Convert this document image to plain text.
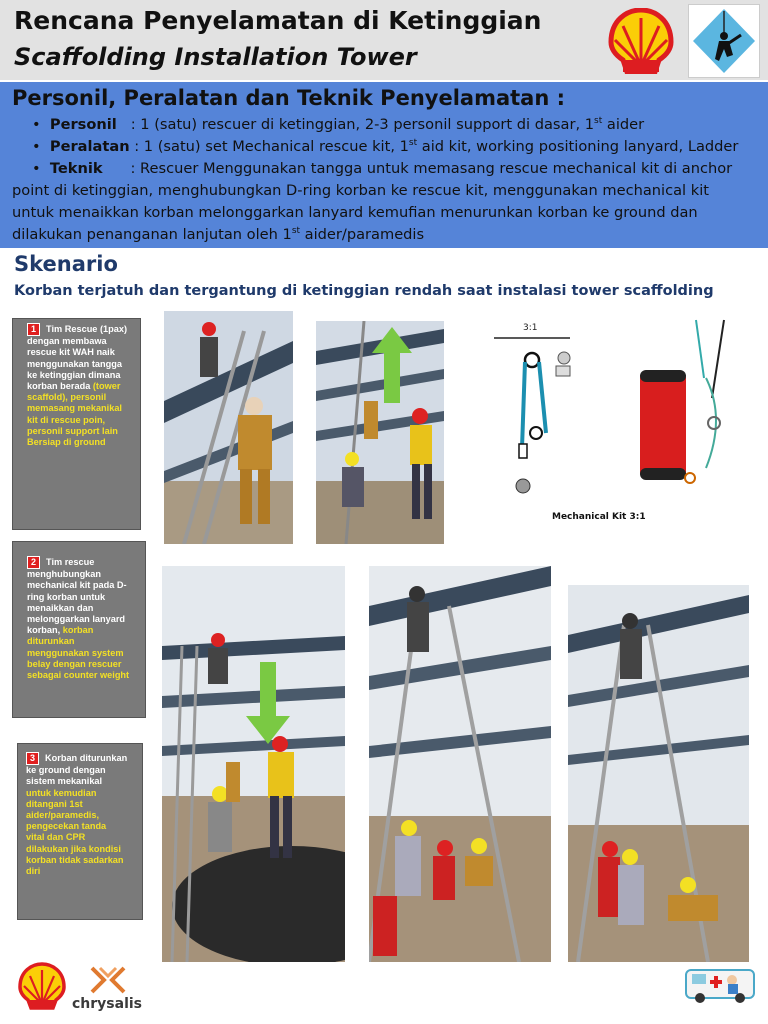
Rencana Penyelamatan di Ketinggian
Scaffolding Installation Tower
Personil, Peralatan dan Teknik Penyelamatan :
•  Personil : 1 (satu) rescuer di ketinggian, 2-3 personil support di dasar, 1st aider
•  Peralatan : 1 (satu) set Mechanical rescue kit, 1st aid kit, working positioning lanyard, Ladder
•  Teknik : Rescuer Menggunakan tangga untuk memasang rescue mechanical kit di anchor
point di ketinggian, menghubungkan D-ring korban ke rescue kit, menggunakan mechanical kit
untuk menaikkan korban melonggarkan lanyard kemufian menurunkan korban ke ground dan
dilakukan penanganan lanjutan oleh 1st aider/paramedis
Skenario
Korban terjatuh dan tergantung di ketinggian rendah saat instalasi tower scaffolding
1 Tim Rescue (1pax)
dengan membawa
rescue kit WAH naik
menggunakan tangga
ke ketinggian dimana
korban berada (tower
scaffold), personil
memasang mekanikal
kit di rescue poin,
personil support lain
Bersiap di ground
2 Tim rescue
menghubungkan
mechanical kit pada D-
ring korban untuk
menaikkan dan
melonggarkan lanyard
korban, korban
diturunkan
menggunakan system
belay dengan rescuer
sebagai counter weight
3 Korban diturunkan
ke ground dengan
sistem mekanikal
untuk kemudian
ditangani 1st
aider/paramedis,
pengecekan tanda
vital dan CPR
dilakukan jika kondisi
korban tidak sadarkan
diri
3:1
Mechanical Kit 3:1
chrysalis
